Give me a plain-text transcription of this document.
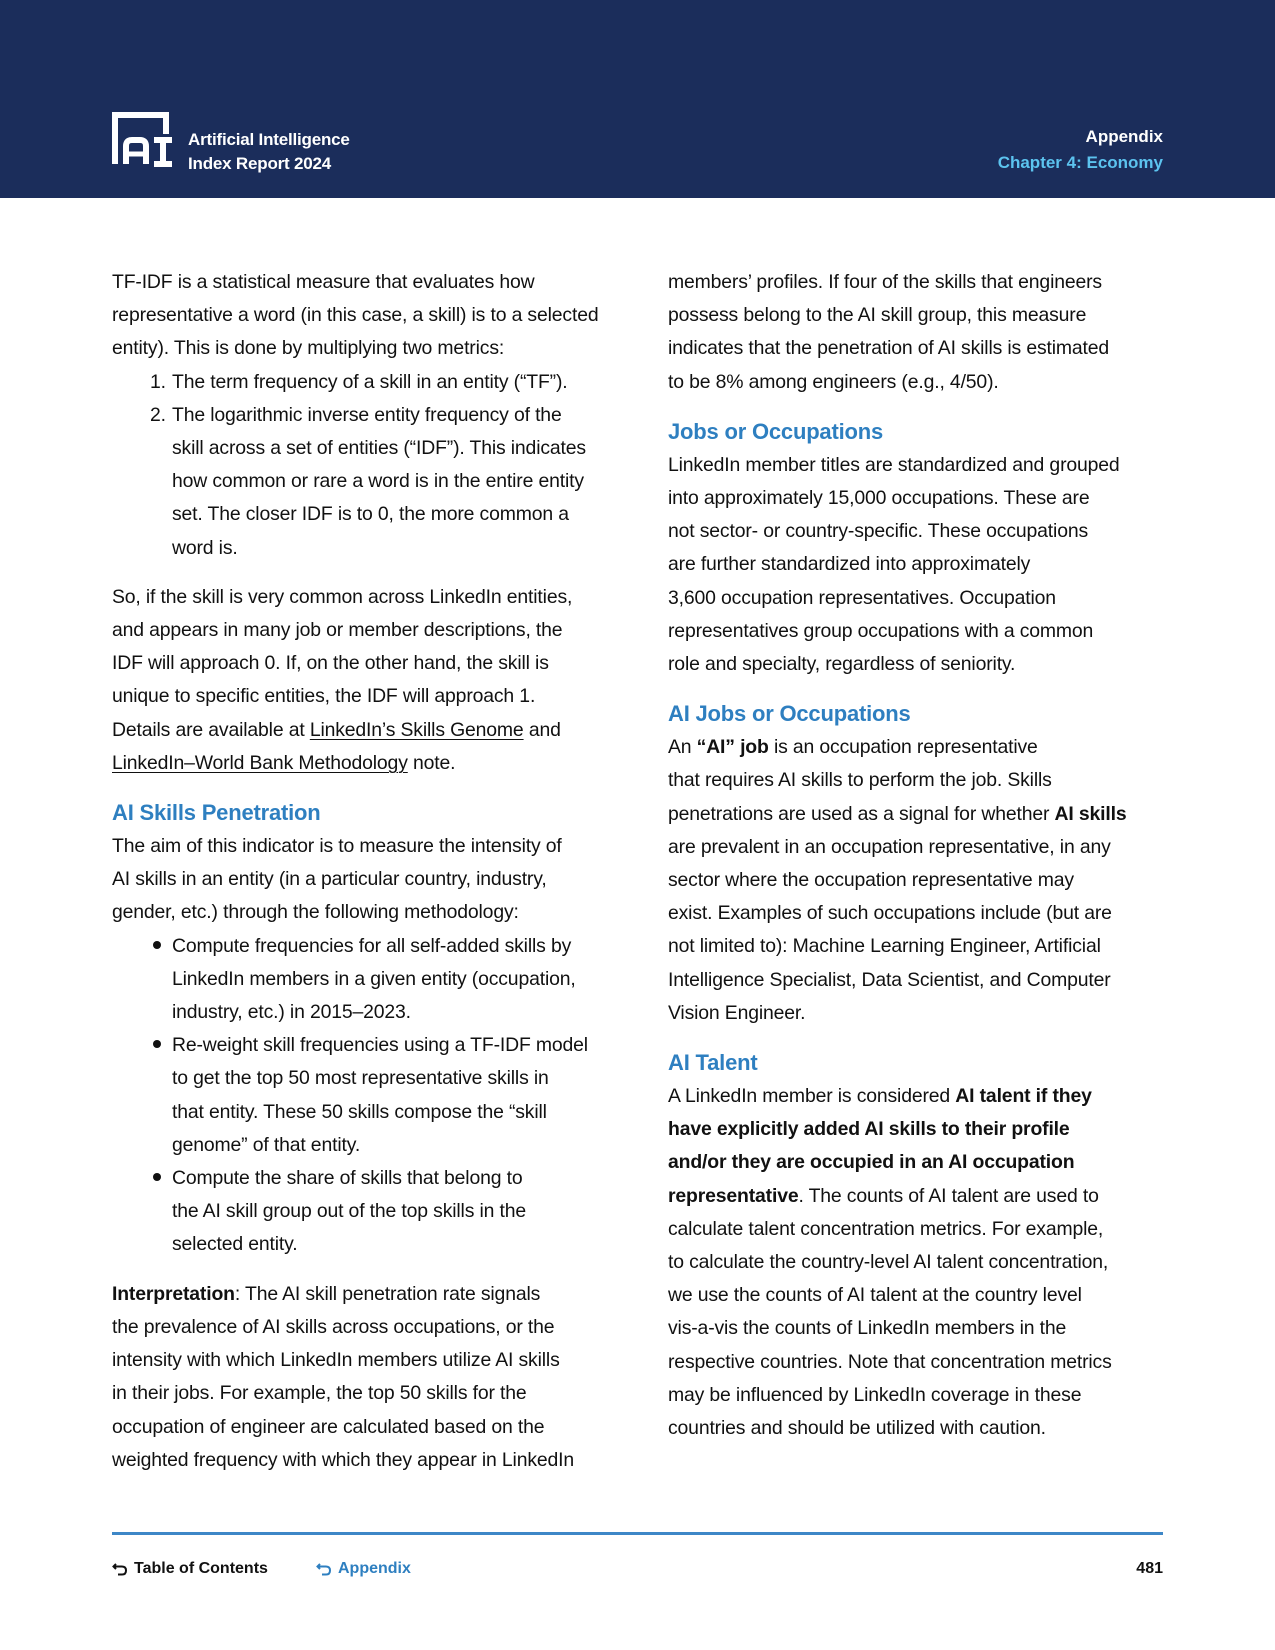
Artificial Intelligence
Index Report 2024
Appendix
Chapter 4: Economy

TF-IDF is a statistical measure that evaluates how
representative a word (in this case, a skill) is to a selected
entity). This is done by multiplying two metrics:

1. The term frequency of a skill in an entity (“TF”).
2. The logarithmic inverse entity frequency of the
skill across a set of entities (“IDF”). This indicates
how common or rare a word is in the entire entity
set. The closer IDF is to 0, the more common a
word is.

So, if the skill is very common across LinkedIn entities,
and appears in many job or member descriptions, the
IDF will approach 0. If, on the other hand, the skill is
unique to specific entities, the IDF will approach 1.
Details are available at LinkedIn’s Skills Genome and
LinkedIn–World Bank Methodology note.

AI Skills Penetration

The aim of this indicator is to measure the intensity of
AI skills in an entity (in a particular country, industry,
gender, etc.) through the following methodology:

Compute frequencies for all self-added skills by
LinkedIn members in a given entity (occupation,
industry, etc.) in 2015–2023.
Re-weight skill frequencies using a TF-IDF model
to get the top 50 most representative skills in
that entity. These 50 skills compose the “skill
genome” of that entity.
Compute the share of skills that belong to
the AI skill group out of the top skills in the
selected entity.

Interpretation: The AI skill penetration rate signals
the prevalence of AI skills across occupations, or the
intensity with which LinkedIn members utilize AI skills
in their jobs. For example, the top 50 skills for the
occupation of engineer are calculated based on the
weighted frequency with which they appear in LinkedIn

members’ profiles. If four of the skills that engineers
possess belong to the AI skill group, this measure
indicates that the penetration of AI skills is estimated
to be 8% among engineers (e.g., 4/50).

Jobs or Occupations

LinkedIn member titles are standardized and grouped
into approximately 15,000 occupations. These are
not sector- or country-specific. These occupations
are further standardized into approximately
3,600 occupation representatives. Occupation
representatives group occupations with a common
role and specialty, regardless of seniority.

AI Jobs or Occupations

An “AI” job is an occupation representative
that requires AI skills to perform the job. Skills
penetrations are used as a signal for whether AI skills
are prevalent in an occupation representative, in any
sector where the occupation representative may
exist. Examples of such occupations include (but are
not limited to): Machine Learning Engineer, Artificial
Intelligence Specialist, Data Scientist, and Computer
Vision Engineer.

AI Talent

A LinkedIn member is considered AI talent if they
have explicitly added AI skills to their profile
and/or they are occupied in an AI occupation
representative. The counts of AI talent are used to
calculate talent concentration metrics. For example,
to calculate the country-level AI talent concentration,
we use the counts of AI talent at the country level
vis-a-vis the counts of LinkedIn members in the
respective countries. Note that concentration metrics
may be influenced by LinkedIn coverage in these
countries and should be utilized with caution.

Table of Contents	Appendix	481
